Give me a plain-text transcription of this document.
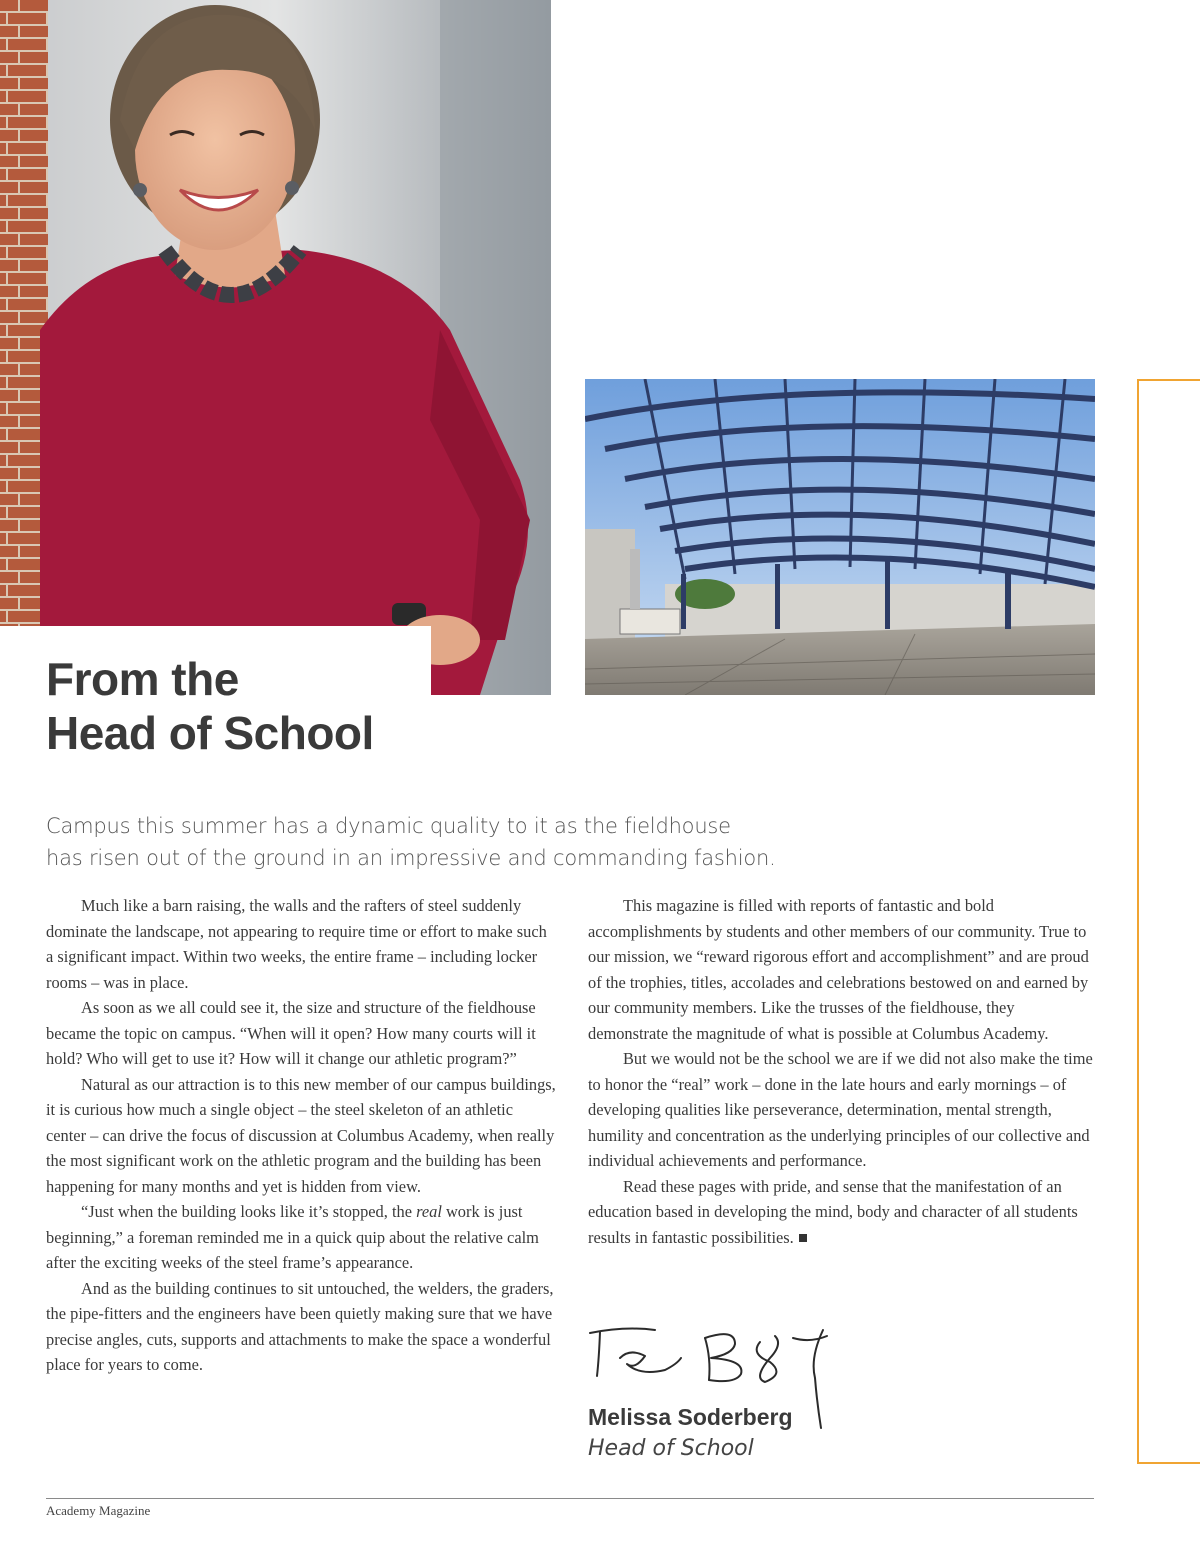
From the
Head of School

Campus this summer has a dynamic quality to it as the fieldhouse
has risen out of the ground in an impressive and commanding fashion.

Much like a barn raising, the walls and the rafters of steel suddenly dominate the landscape, not appearing to require time or effort to make such a significant impact. Within two weeks, the entire frame – including locker rooms – was in place.

As soon as we all could see it, the size and structure of the fieldhouse became the topic on campus. “When will it open? How many courts will it hold? Who will get to use it? How will it change our athletic program?”

Natural as our attraction is to this new member of our campus buildings, it is curious how much a single object – the steel skeleton of an athletic center – can drive the focus of discussion at Columbus Academy, when really the most significant work on the athletic program and the building has been happening for many months and yet is hidden from view.

“Just when the building looks like it’s stopped, the real work is just beginning,” a foreman reminded me in a quick quip about the relative calm after the exciting weeks of the steel frame’s appearance.

And as the building continues to sit untouched, the welders, the graders, the pipe-fitters and the engineers have been quietly making sure that we have precise angles, cuts, supports and attachments to make the space a wonderful place for years to come.

This magazine is filled with reports of fantastic and bold accomplishments by students and other members of our community. True to our mission, we “reward rigorous effort and accomplishment” and are proud of the trophies, titles, accolades and celebrations bestowed on and earned by our community members. Like the trusses of the fieldhouse, they demonstrate the magnitude of what is possible at Columbus Academy.

But we would not be the school we are if we did not also make the time to honor the “real” work – done in the late hours and early mornings – of developing qualities like perseverance, determination, mental strength, humility and concentration as the underlying principles of our collective and individual achievements and performance.

Read these pages with pride, and sense that the manifestation of an education based in developing the mind, body and character of all students results in fantastic possibilities.

Melissa Soderberg

Head of School

Academy Magazine
